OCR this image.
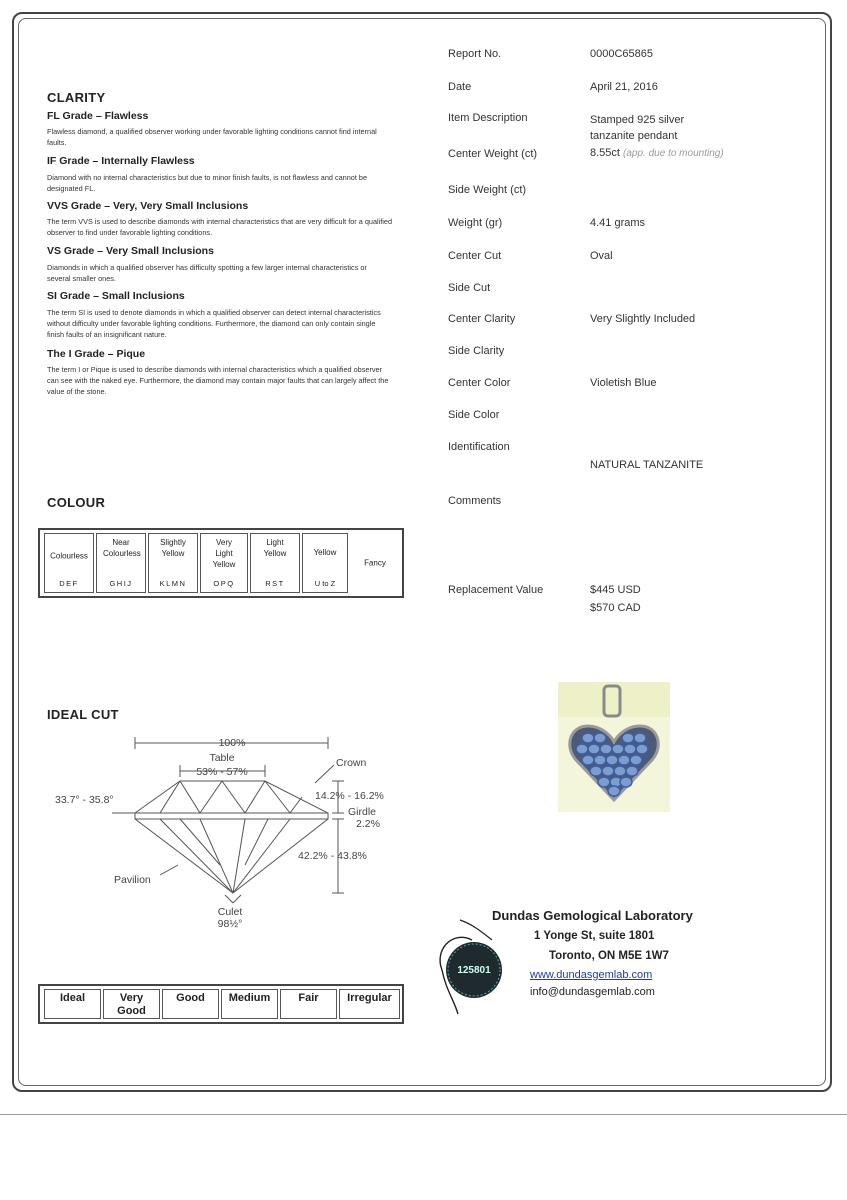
CLARITY
FL Grade – Flawless
Flawless diamond, a qualified observer working under favorable lighting conditions cannot find internal faults.
IF Grade – Internally Flawless
Diamond with no internal characteristics but due to minor finish faults, is not flawless and cannot be designated FL.
VVS Grade – Very, Very Small Inclusions
The term VVS is used to describe diamonds with internal characteristics that are very difficult for a qualified observer to find under favorable lighting conditions.
VS Grade – Very Small Inclusions
Diamonds in which a qualified observer has difficulty spotting a few larger internal characteristics or several smaller ones.
SI Grade – Small Inclusions
The term SI is used to denote diamonds in which a qualified observer can detect internal characteristics without difficulty under favorable lighting conditions. Furthermore, the diamond can only contain single finish faults of an insignificant nature.
The I Grade – Pique
The term I or Pique is used to describe diamonds with internal characteristics which a qualified observer can see with the naked eye. Furthermore, the diamond may contain major faults that can largely affect the value of the stone.
COLOUR
Colourless
DEF
Near Colourless
GHIJ
Slightly Yellow
KLMN
Very Light Yellow
OPQ
Light Yellow
RST
Yellow
U to Z
Fancy
IDEAL CUT
100%
Table
53% - 57%
Crown
33.7° - 35.8°	14.2% - 16.2%
Girdle
2.2%
42.2% - 43.8%
Pavilion
Culet
98½°
Ideal	Very Good
Good	Medium	Fair	Irregular
Report No.	0000C65865
Date	April 21, 2016
Item Description	Stamped 925 silver tanzanite pendant
Center Weight (ct)	8.55ct (app. due to mounting)
Side Weight (ct)
Weight (gr)	4.41 grams
Center Cut	Oval
Side Cut
Center Clarity	Very Slightly Included
Side Clarity
Center Color	Violetish Blue
Side Color
Identification
NATURAL TANZANITE
Comments
Replacement Value	$445 USD
$570 CAD
125801
Dundas Gemological Laboratory
1 Yonge St, suite 1801
Toronto, ON M5E 1W7
www.dundasgemlab.com
info@dundasgemlab.com
